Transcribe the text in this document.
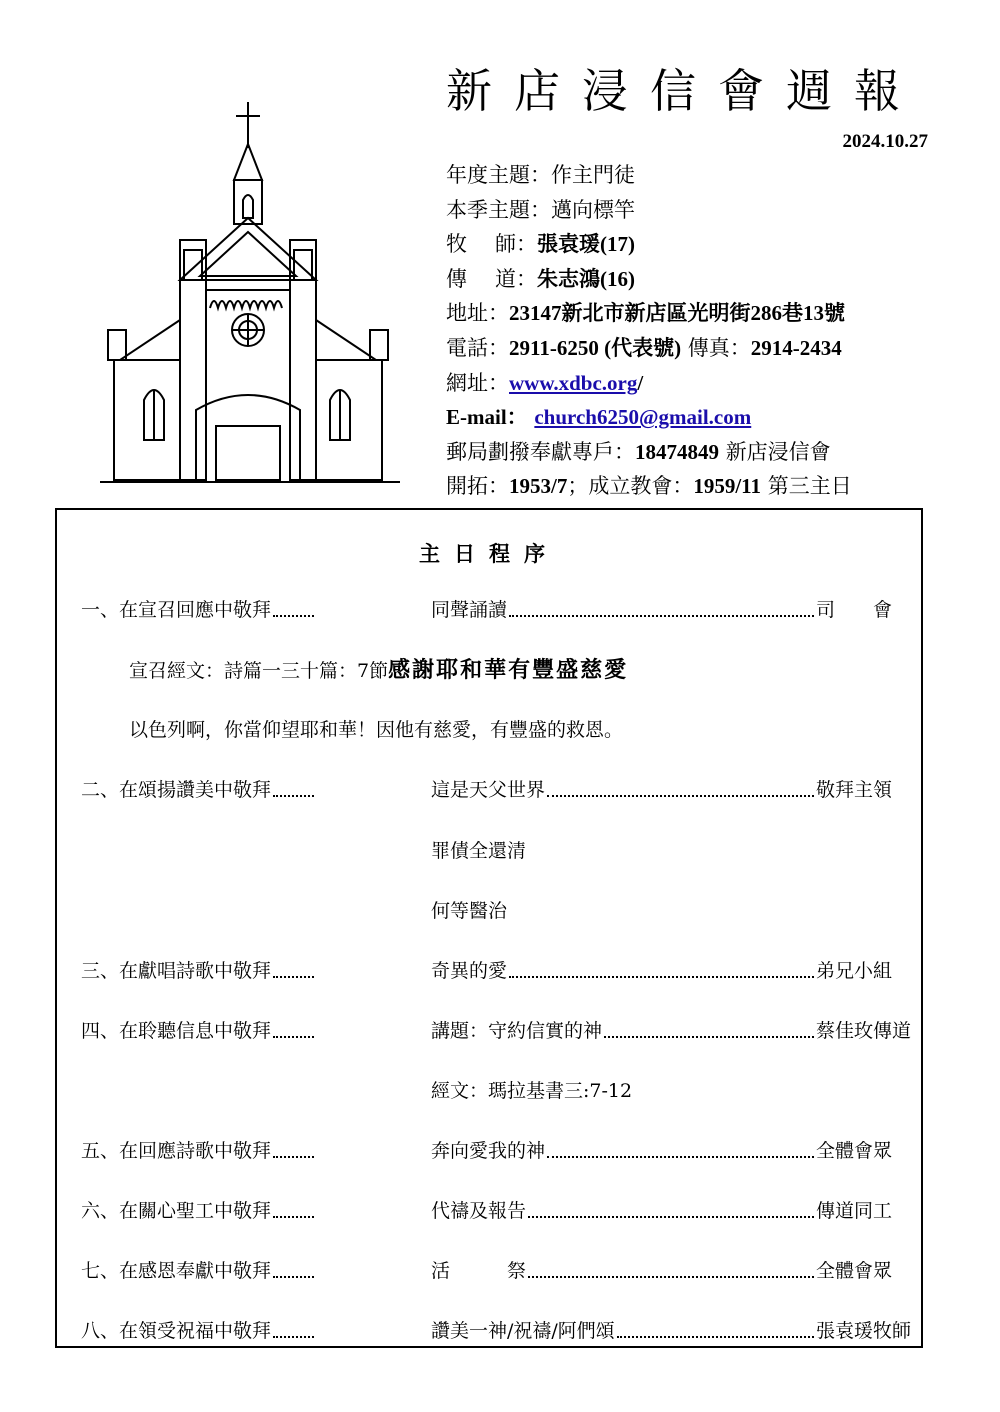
新店浸信會週報
2024.10.27
年度主題：作主門徒
本季主題：邁向標竿
牧 師 ：張袁瑗(17)
傳 道 ：朱志鴻(16)
地址：23147新北市新店區光明街286巷13號
電話：2911-6250 (代表號) 傳真：2914-2434
網址：www.xdbc.org/
E-mail： church6250@gmail.com
郵局劃撥奉獻專戶：18474849 新店浸信會
開拓：1953/7；成立教會：1959/11 第三主日
主日程序
一、在宣召回應中敬拜	同聲誦讀	司　　會
宣召經文：詩篇一三十篇：7節感謝耶和華有豐盛慈愛
以色列啊，你當仰望耶和華！因他有慈愛，有豐盛的救恩。
二、在頌揚讚美中敬拜	這是天父世界	敬拜主領
罪債全還清
何等醫治
三、在獻唱詩歌中敬拜	奇異的愛	弟兄小組
四、在聆聽信息中敬拜	講題：守約信實的神	蔡佳玫傳道
經文：瑪拉基書三:7-12
五、在回應詩歌中敬拜	奔向愛我的神	全體會眾
六、在關心聖工中敬拜	代禱及報告	傳道同工
七、在感恩奉獻中敬拜	活　　　祭	全體會眾
八、在領受祝福中敬拜	讚美一神/祝禱/阿們頌	張袁瑗牧師
